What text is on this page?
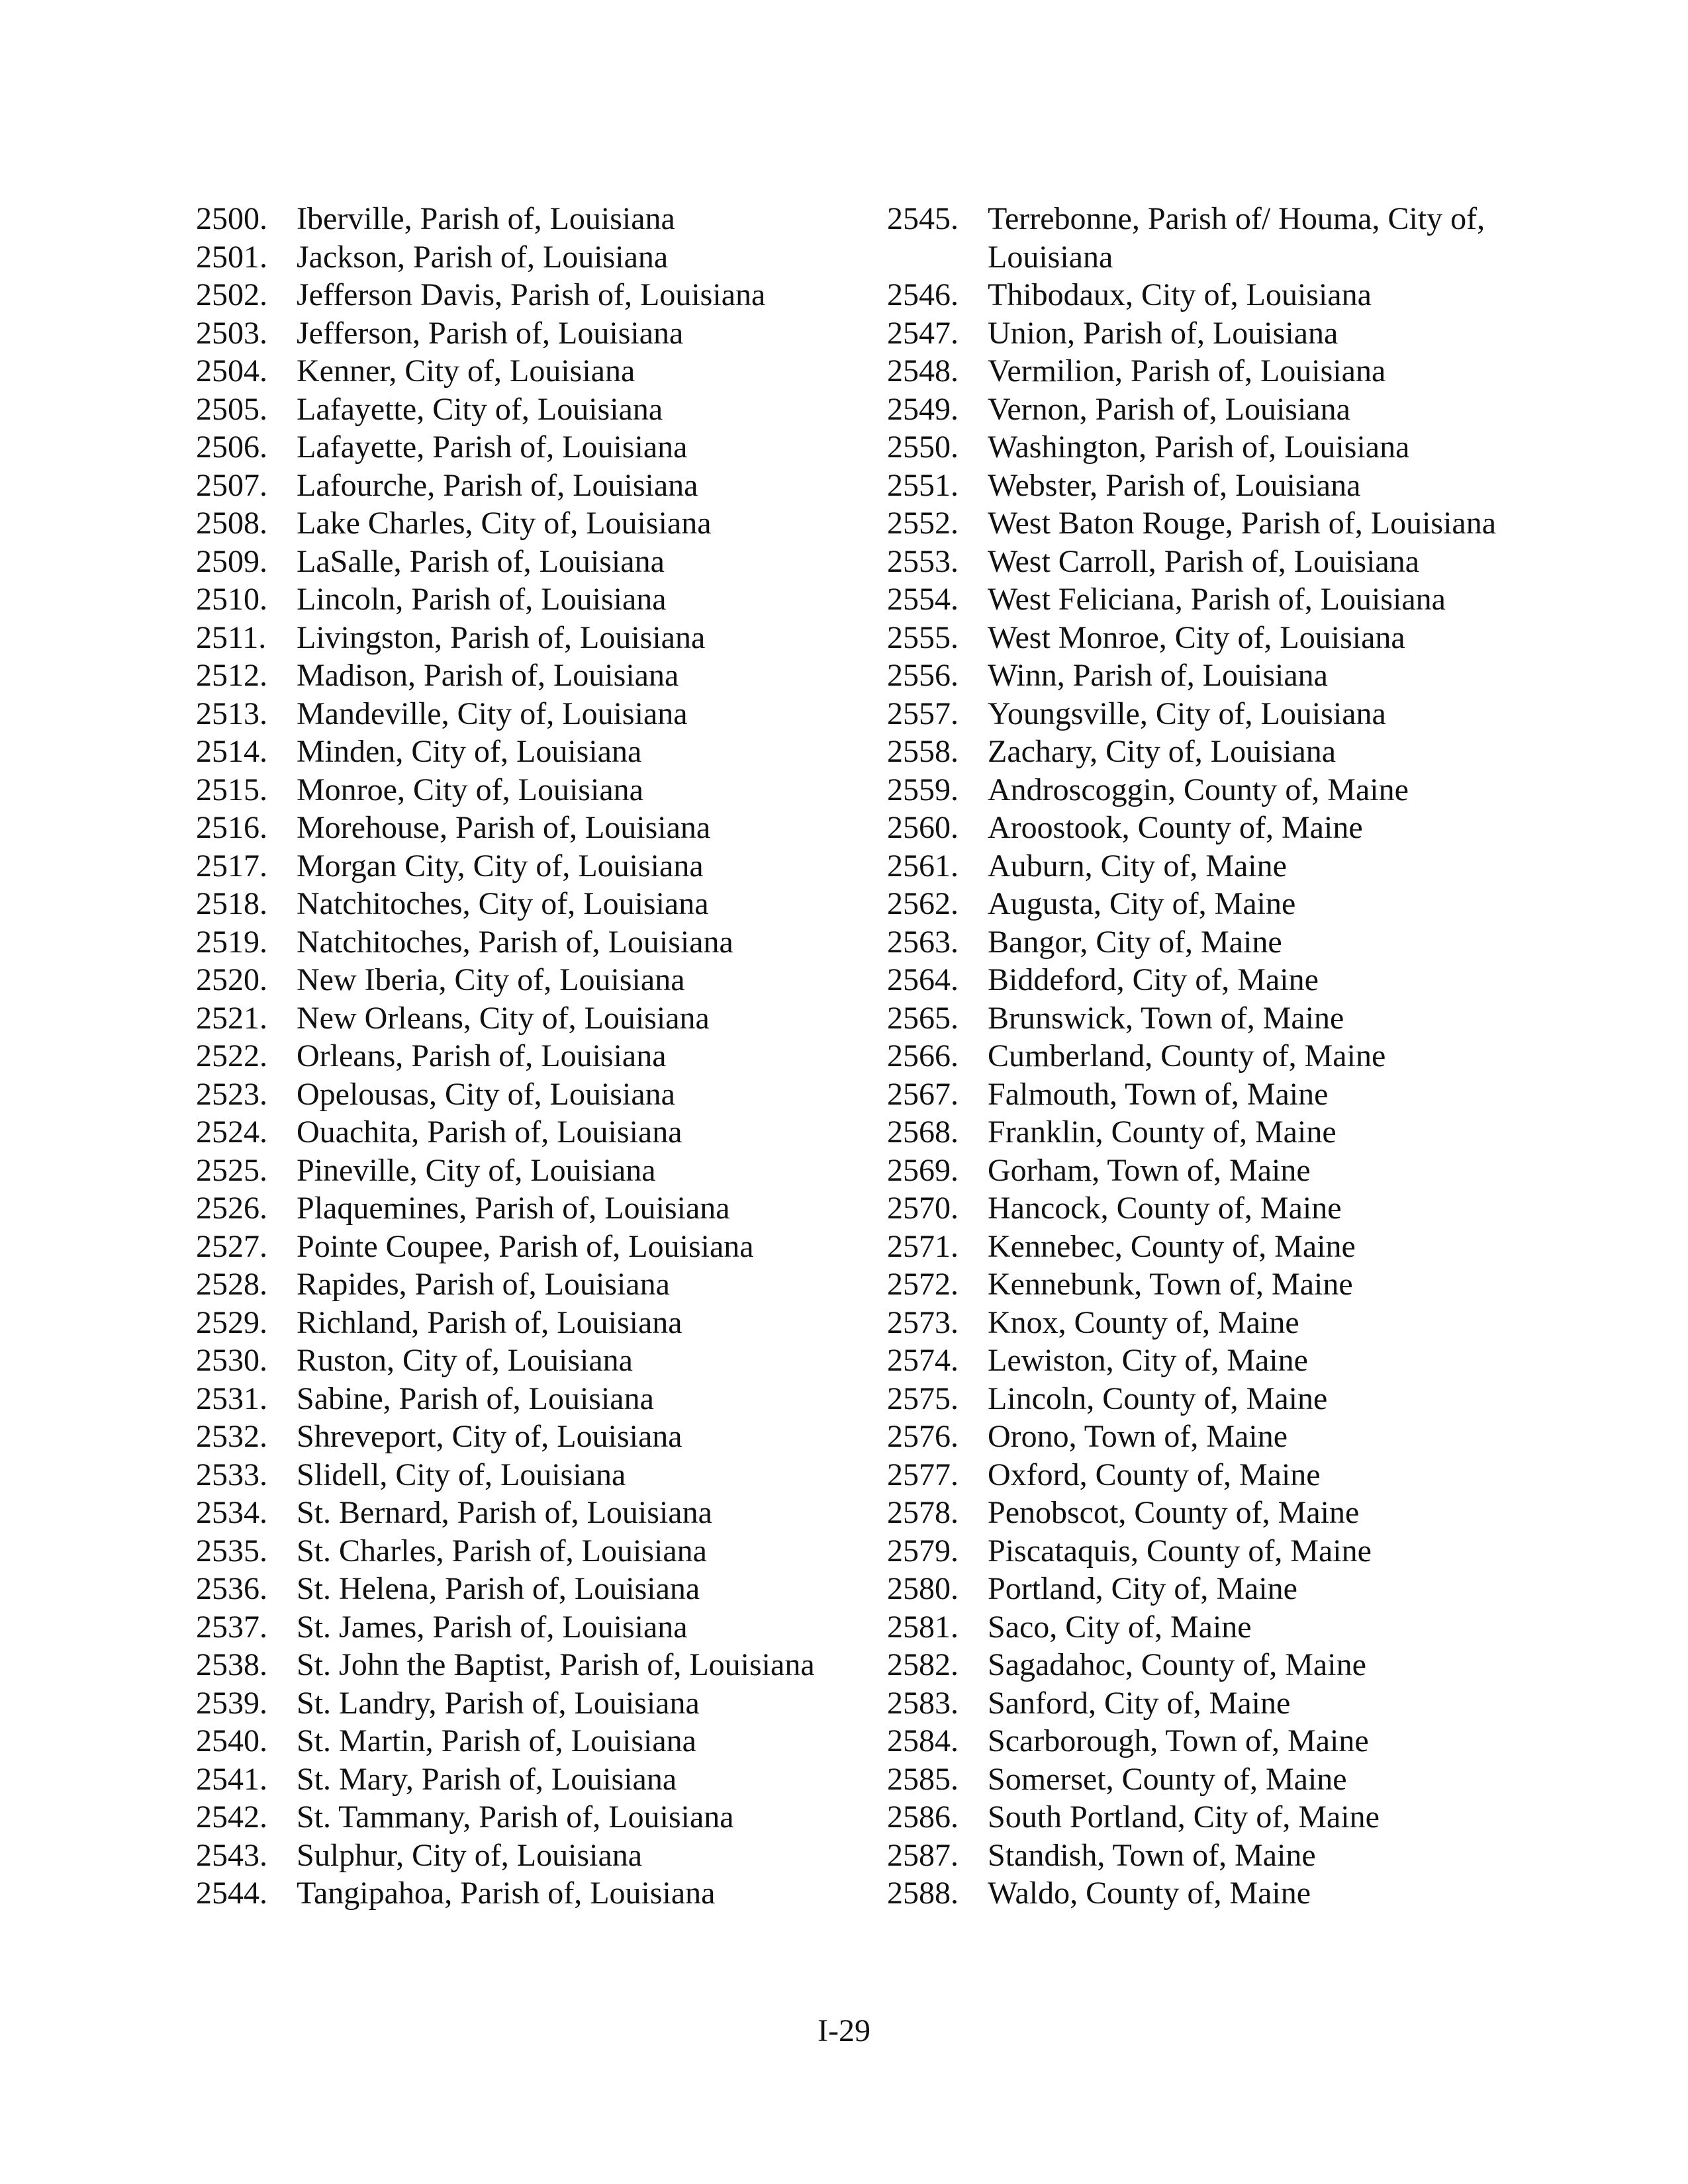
2500. Iberville, Parish of, Louisiana
2501. Jackson, Parish of, Louisiana
2502. Jefferson Davis, Parish of, Louisiana
2503. Jefferson, Parish of, Louisiana
2504. Kenner, City of, Louisiana
2505. Lafayette, City of, Louisiana
2506. Lafayette, Parish of, Louisiana
2507. Lafourche, Parish of, Louisiana
2508. Lake Charles, City of, Louisiana
2509. LaSalle, Parish of, Louisiana
2510. Lincoln, Parish of, Louisiana
2511. Livingston, Parish of, Louisiana
2512. Madison, Parish of, Louisiana
2513. Mandeville, City of, Louisiana
2514. Minden, City of, Louisiana
2515. Monroe, City of, Louisiana
2516. Morehouse, Parish of, Louisiana
2517. Morgan City, City of, Louisiana
2518. Natchitoches, City of, Louisiana
2519. Natchitoches, Parish of, Louisiana
2520. New Iberia, City of, Louisiana
2521. New Orleans, City of, Louisiana
2522. Orleans, Parish of, Louisiana
2523. Opelousas, City of, Louisiana
2524. Ouachita, Parish of, Louisiana
2525. Pineville, City of, Louisiana
2526. Plaquemines, Parish of, Louisiana
2527. Pointe Coupee, Parish of, Louisiana
2528. Rapides, Parish of, Louisiana
2529. Richland, Parish of, Louisiana
2530. Ruston, City of, Louisiana
2531. Sabine, Parish of, Louisiana
2532. Shreveport, City of, Louisiana
2533. Slidell, City of, Louisiana
2534. St. Bernard, Parish of, Louisiana
2535. St. Charles, Parish of, Louisiana
2536. St. Helena, Parish of, Louisiana
2537. St. James, Parish of, Louisiana
2538. St. John the Baptist, Parish of, Louisiana
2539. St. Landry, Parish of, Louisiana
2540. St. Martin, Parish of, Louisiana
2541. St. Mary, Parish of, Louisiana
2542. St. Tammany, Parish of, Louisiana
2543. Sulphur, City of, Louisiana
2544. Tangipahoa, Parish of, Louisiana
2545. Terrebonne, Parish of/ Houma, City of, Louisiana
2546. Thibodaux, City of, Louisiana
2547. Union, Parish of, Louisiana
2548. Vermilion, Parish of, Louisiana
2549. Vernon, Parish of, Louisiana
2550. Washington, Parish of, Louisiana
2551. Webster, Parish of, Louisiana
2552. West Baton Rouge, Parish of, Louisiana
2553. West Carroll, Parish of, Louisiana
2554. West Feliciana, Parish of, Louisiana
2555. West Monroe, City of, Louisiana
2556. Winn, Parish of, Louisiana
2557. Youngsville, City of, Louisiana
2558. Zachary, City of, Louisiana
2559. Androscoggin, County of, Maine
2560. Aroostook, County of, Maine
2561. Auburn, City of, Maine
2562. Augusta, City of, Maine
2563. Bangor, City of, Maine
2564. Biddeford, City of, Maine
2565. Brunswick, Town of, Maine
2566. Cumberland, County of, Maine
2567. Falmouth, Town of, Maine
2568. Franklin, County of, Maine
2569. Gorham, Town of, Maine
2570. Hancock, County of, Maine
2571. Kennebec, County of, Maine
2572. Kennebunk, Town of, Maine
2573. Knox, County of, Maine
2574. Lewiston, City of, Maine
2575. Lincoln, County of, Maine
2576. Orono, Town of, Maine
2577. Oxford, County of, Maine
2578. Penobscot, County of, Maine
2579. Piscataquis, County of, Maine
2580. Portland, City of, Maine
2581. Saco, City of, Maine
2582. Sagadahoc, County of, Maine
2583. Sanford, City of, Maine
2584. Scarborough, Town of, Maine
2585. Somerset, County of, Maine
2586. South Portland, City of, Maine
2587. Standish, Town of, Maine
2588. Waldo, County of, Maine
I-29
